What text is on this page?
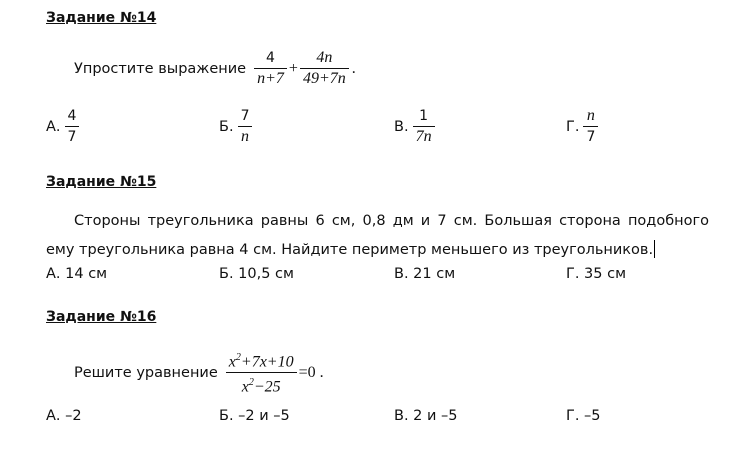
Задание №14
Упростите выражение $\frac{4}{n+7} + \frac{4n}{49+7n}$ .
А. $\frac{4}{7}$	Б. $\frac{7}{n}$	В. $\frac{1}{7n}$	Г. $\frac{n}{7}$
Задание №15
Стороны треугольника равны 6 см, 0,8 дм и 7 см. Большая сторона подобного ему треугольника равна 4 см. Найдите периметр меньшего из треугольников.
А. 14 см	Б. 10,5 см	В. 21 см	Г. 35 см
Задание №16
Решите уравнение $\frac{x^2+7x+10}{x^2-25} =0$ .
А. –2	Б. –2 и –5	В. 2 и –5	Г. –5
